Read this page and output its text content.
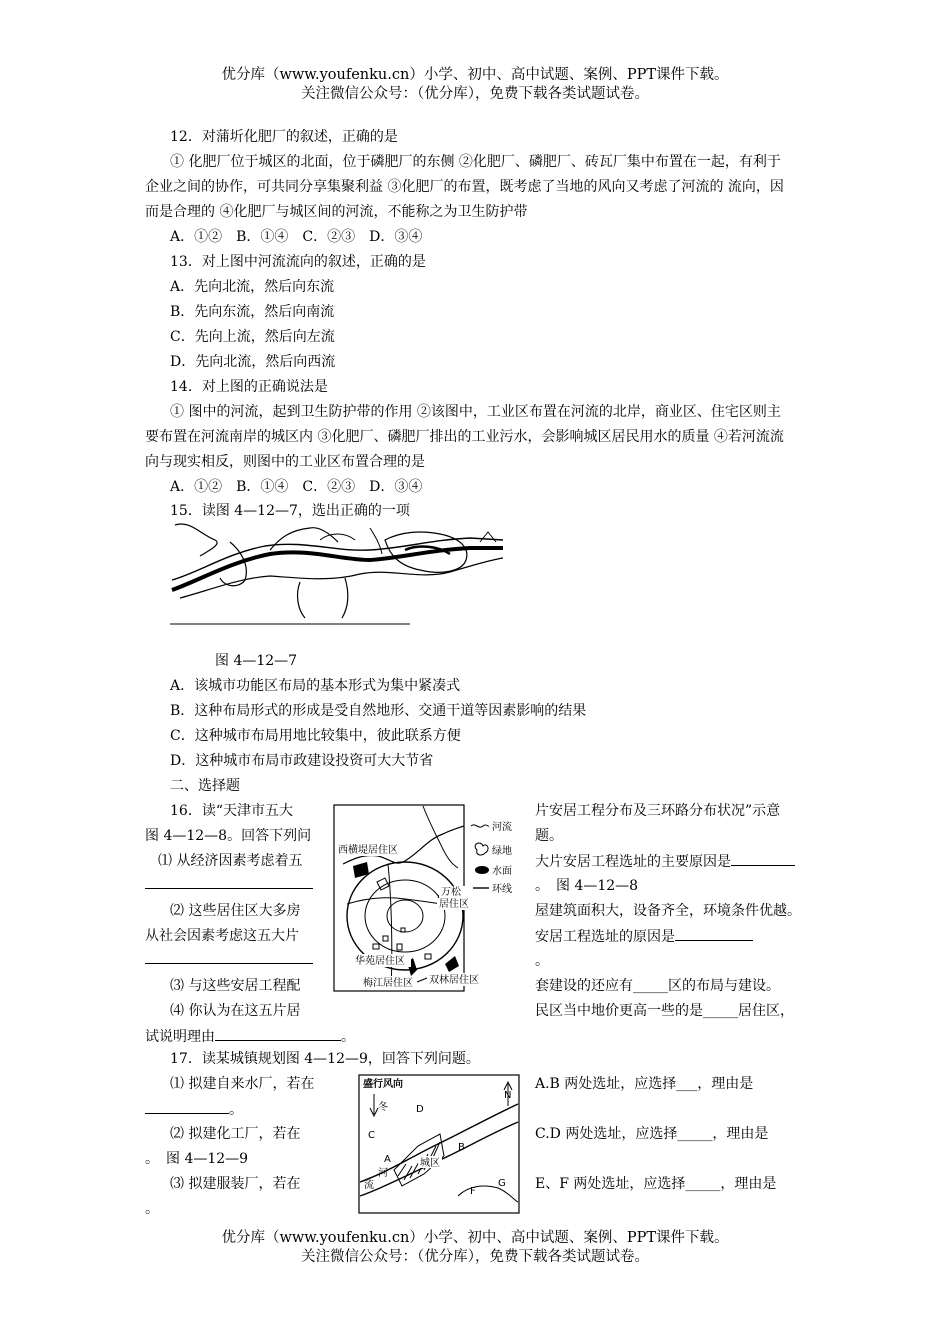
优分库（www.youfenku.cn）小学、初中、高中试题、案例、PPT课件下载。
关注微信公众号：（优分库），免费下载各类试题试卷。
12．对蒲圻化肥厂的叙述，正确的是
① 化肥厂位于城区的北面，位于磷肥厂的东侧 ②化肥厂、磷肥厂、砖瓦厂集中布置在一起，有利于
企业之间的协作，可共同分享集聚利益 ③化肥厂的布置，既考虑了当地的风向又考虑了河流的 流向，因
而是合理的 ④化肥厂与城区间的河流，不能称之为卫生防护带
A．①②　B．①④　C．②③　D．③④
13．对上图中河流流向的叙述，正确的是
A．先向北流，然后向东流
B．先向东流，然后向南流
C．先向上流，然后向左流
D．先向北流，然后向西流
14．对上图的正确说法是
① 图中的河流，起到卫生防护带的作用 ②该图中，工业区布置在河流的北岸，商业区、住宅区则主
要布置在河流南岸的城区内 ③化肥厂、磷肥厂排出的工业污水，会影响城区居民用水的质量 ④若河流流
向与现实相反，则图中的工业区布置合理的是
A．①②　B．①④　C．②③　D．③④
15．读图 4—12—7，选出正确的一项
图 4—12—7
A．该城市功能区布局的基本形式为集中紧凑式
B．这种布局形式的形成是受自然地形、交通干道等因素影响的结果
C．这种城市布局用地比较集中，彼此联系方便
D．这种城市布局市政建设投资可大大节省
二、选择题
16．读“天津市五大	片安居工程分布及三环路分布状况”示意
图 4—12—8。回答下列问	题。
⑴ 从经济因素考虑着五	大片安居工程选址的主要原因是
。　图 4—12—8
⑵ 这些居住区大多房	屋建筑面积大，设备齐全，环境条件优越。
从社会因素考虑这五大片	安居工程选址的原因是
。
⑶ 与这些安居工程配	套建设的还应有_____区的布局与建设。
⑷ 你认为在这五片居	民区当中地价更高一些的是_____居住区，
试说明理由	。
西横堤居住区
万松
居住区
华苑居住区
梅江居住区 双林居住区
河流
绿地
水面
环线
17．读某城镇规划图 4—12—9，回答下列问题。
⑴ 拟建自来水厂，若在	A.B 两处选址，应选择___，理由是
。
⑵ 拟建化工厂，若在	C.D 两处选址，应选择_____，理由是
。　图 4—12—9
⑶ 拟建服装厂，若在	E、F 两处选址，应选择_____，理由是
。
盛行风向
冬
N
D
C
A
B
F
G
河
流
城区
优分库（www.youfenku.cn）小学、初中、高中试题、案例、PPT课件下载。
关注微信公众号：（优分库），免费下载各类试题试卷。
